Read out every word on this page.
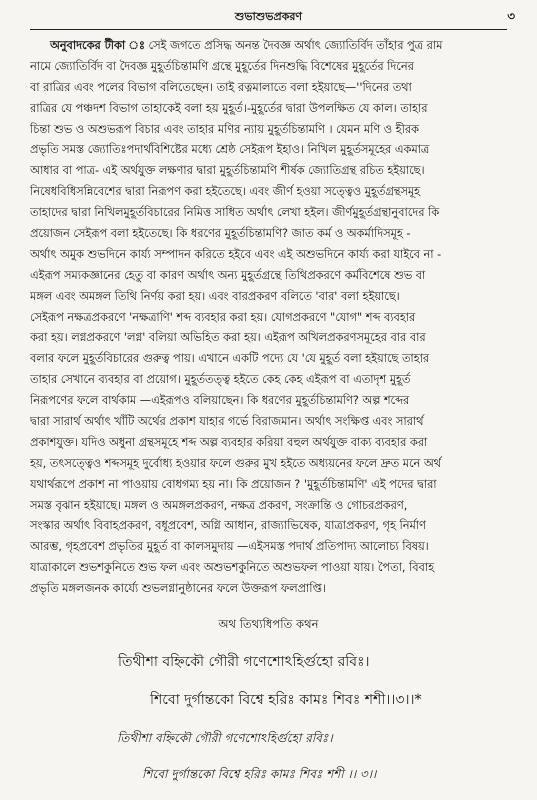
শুভাশুভপ্রকরণ	৩
অনুবাদকের টীকা ঃ সেই জগতে প্রসিদ্ধ অনন্ত দৈবজ্ঞ অর্থাৎ জ্যোতির্বিদ তাঁহার পুত্র রাম
নামে জ্যোতির্বিদ বা দৈবজ্ঞ মুহূর্তচিন্তামণি গ্রন্থে মুহূর্তের দিনশুদ্ধি বিশেষের মুহূর্তের দিনের
বা রাত্রির এবং পলের বিভাগ বলিতেছেন। তাই রত্নমালাতে বলা হইয়াছে—''দিনের তথা
রাত্রির যে পঞ্চদশ বিভাগ তাহাকেই বলা হয় মুহূর্ত।-মুহূর্তের দ্বারা উপলক্ষিত যে কাল। তাহার
চিন্তা শুভ ও অশুভরূপ বিচার এবং তাহার মণির ন্যায় মুহূর্তচিন্তামণি । যেমন মণি ও হীরক
প্রভৃতি সমস্ত জ্যোতিঃপদার্থবিশিষ্টের মধ্যে শ্রেষ্ঠ সেইরূপ ইহাও। নিখিল মুহূর্তসমূহের একমাত্র
আধার বা পাত্র- এই অর্থযুক্ত লক্ষণার দ্বারা মুহূর্তচিন্তামণি শীর্ষক জ্যোতিগ্রন্থ রচিত হইয়াছে।
নিষেধবিধিসন্নিবেশের দ্বারা নিরূপণ করা হইতেছে। এবং জীর্ণ হওয়া সত্ত্বেও মুহূর্তগ্রন্থসমূহ
তাহাদের দ্বারা নিখিলমুহূর্তবিচারের নিমিত্ত সাধিত অর্থাৎ লেখা হইল। জীর্ণমুহূর্তগ্রন্থানুবাদের কি
প্রয়োজন সেইরূপ বলা হইতেছে। কি ধরণের মুহূর্তচিন্তামণি? জাত কর্ম ও অকর্মাদিসমূহ -
অর্থাৎ অমুক শুভদিনে কার্য্য সম্পাদন করিতে হইবে এবং এই অশুভদিনে কার্য্য করা যাইবে না -
এইরূপ সম্যকজ্ঞানের হেতু বা কারণ অর্থাৎ অন্য মুহূর্তগ্রন্থে তিথিপ্রকরণে কর্মবিশেষে শুভ বা
মঙ্গল এবং অমঙ্গল তিথি নির্ণয় করা হয়। এবং বারপ্রকরণ বলিতে 'বার' বলা হইয়াছে।
সেইরূপ নক্ষত্রপ্রকরণে 'নক্ষত্রাণি' শব্দ ব্যবহার করা হয়। যোগপ্রকরণে "যোগ" শব্দ ব্যবহার
করা হয়। লগ্নপ্রকরণে 'লগ্ন' বলিয়া অভিহিত করা হয়। এইরূপ অখিলপ্রকরণসমূহের বার বার
বলার ফলে মুহূর্তবিচারের গুরুত্ব পায়। এখানে একটি পদ্যে যে 'যে মুহূর্ত বলা হইয়াছে তাহার
তাহার সেখানে ব্যবহার বা প্রয়োগ। মুহূর্ততত্ত্ব হইতে কেহ কেহ এইরূপ বা এতাদৃশ মুহূর্ত
নিরূপণের ফলে বার্থকাম —এইরূপও বলিয়াছেন। কি ধরণের মুহূর্তচিন্তামণি? অল্প শব্দের
দ্বারা সারার্থ অর্থাৎ খাঁটি অর্থের প্রকাশ যাহার গর্ভে বিরাজমান। অর্থাৎ সংক্ষিপ্ত এবং সারার্থ
প্রকাশযুক্ত। যদিও অধুনা গ্রন্থসমূহে শব্দ অল্প ব্যবহার করিয়া বহুল অর্থযুক্ত বাক্য ব্যবহার করা
হয়, তৎসত্ত্বেও শব্দসমূহ দুর্বোধ্য হওয়ার ফলে গুরুর মুখ হইতে অধ্যয়নের ফলে দ্রুত মনে অর্থ
যথার্থরূপে প্রকাশ না পাওয়ায় বোধগম্য হয় না। কি প্রয়োজন ? 'মুহূর্তচিন্তামণি' এই পদের দ্বারা
সমস্ত বৃঝান হইয়াছে। মঙ্গল ও অমঙ্গলপ্রকরণ, নক্ষত্র প্রকরণ, সংক্রান্তি ও গোচরপ্রকরণ,
সংস্কার অর্থাৎ বিবাহপ্রকরণ, বধূপ্রবেশ, অগ্নি আধান, রাজ্যাভিষেক, যাত্রাপ্রকরণ, গৃহ নির্মাণ
আরম্ভ, গৃহপ্রবেশ প্রভৃতির মুহূর্ত বা কালসমুদায় —এইসমস্ত পদার্থ প্রতিপাদ্য আলোচ্য বিষয়।
যাত্রাকালে শুভশকুনিতে শুভ ফল এবং অশুভশকুনিতে অশুভফল পাওয়া যায়। পৈতা, বিবাহ
প্রভৃতি মঙ্গলজনক কার্য্যে শুভলগ্নানুষ্ঠানের ফলে উক্তরূপ ফলপ্রাপ্তি।
অথ তিথ্যধিপতি কথন
তিথীশা বহ্নিকৌ গৌরী গণেশোঽহির্গুহো রবিঃ।
শিবো দুর্গান্তকো বিশ্বে হরিঃ কামঃ শিবঃ শশী।।৩।।*
তিথীশা বহ্নিকৌ গৌরী গণেশোঽহির্গুহো রবিঃ।
শিবো দুর্গান্তকো বিশ্বে হরিঃ কামঃ শিবঃ শশী ।। ৩।।
